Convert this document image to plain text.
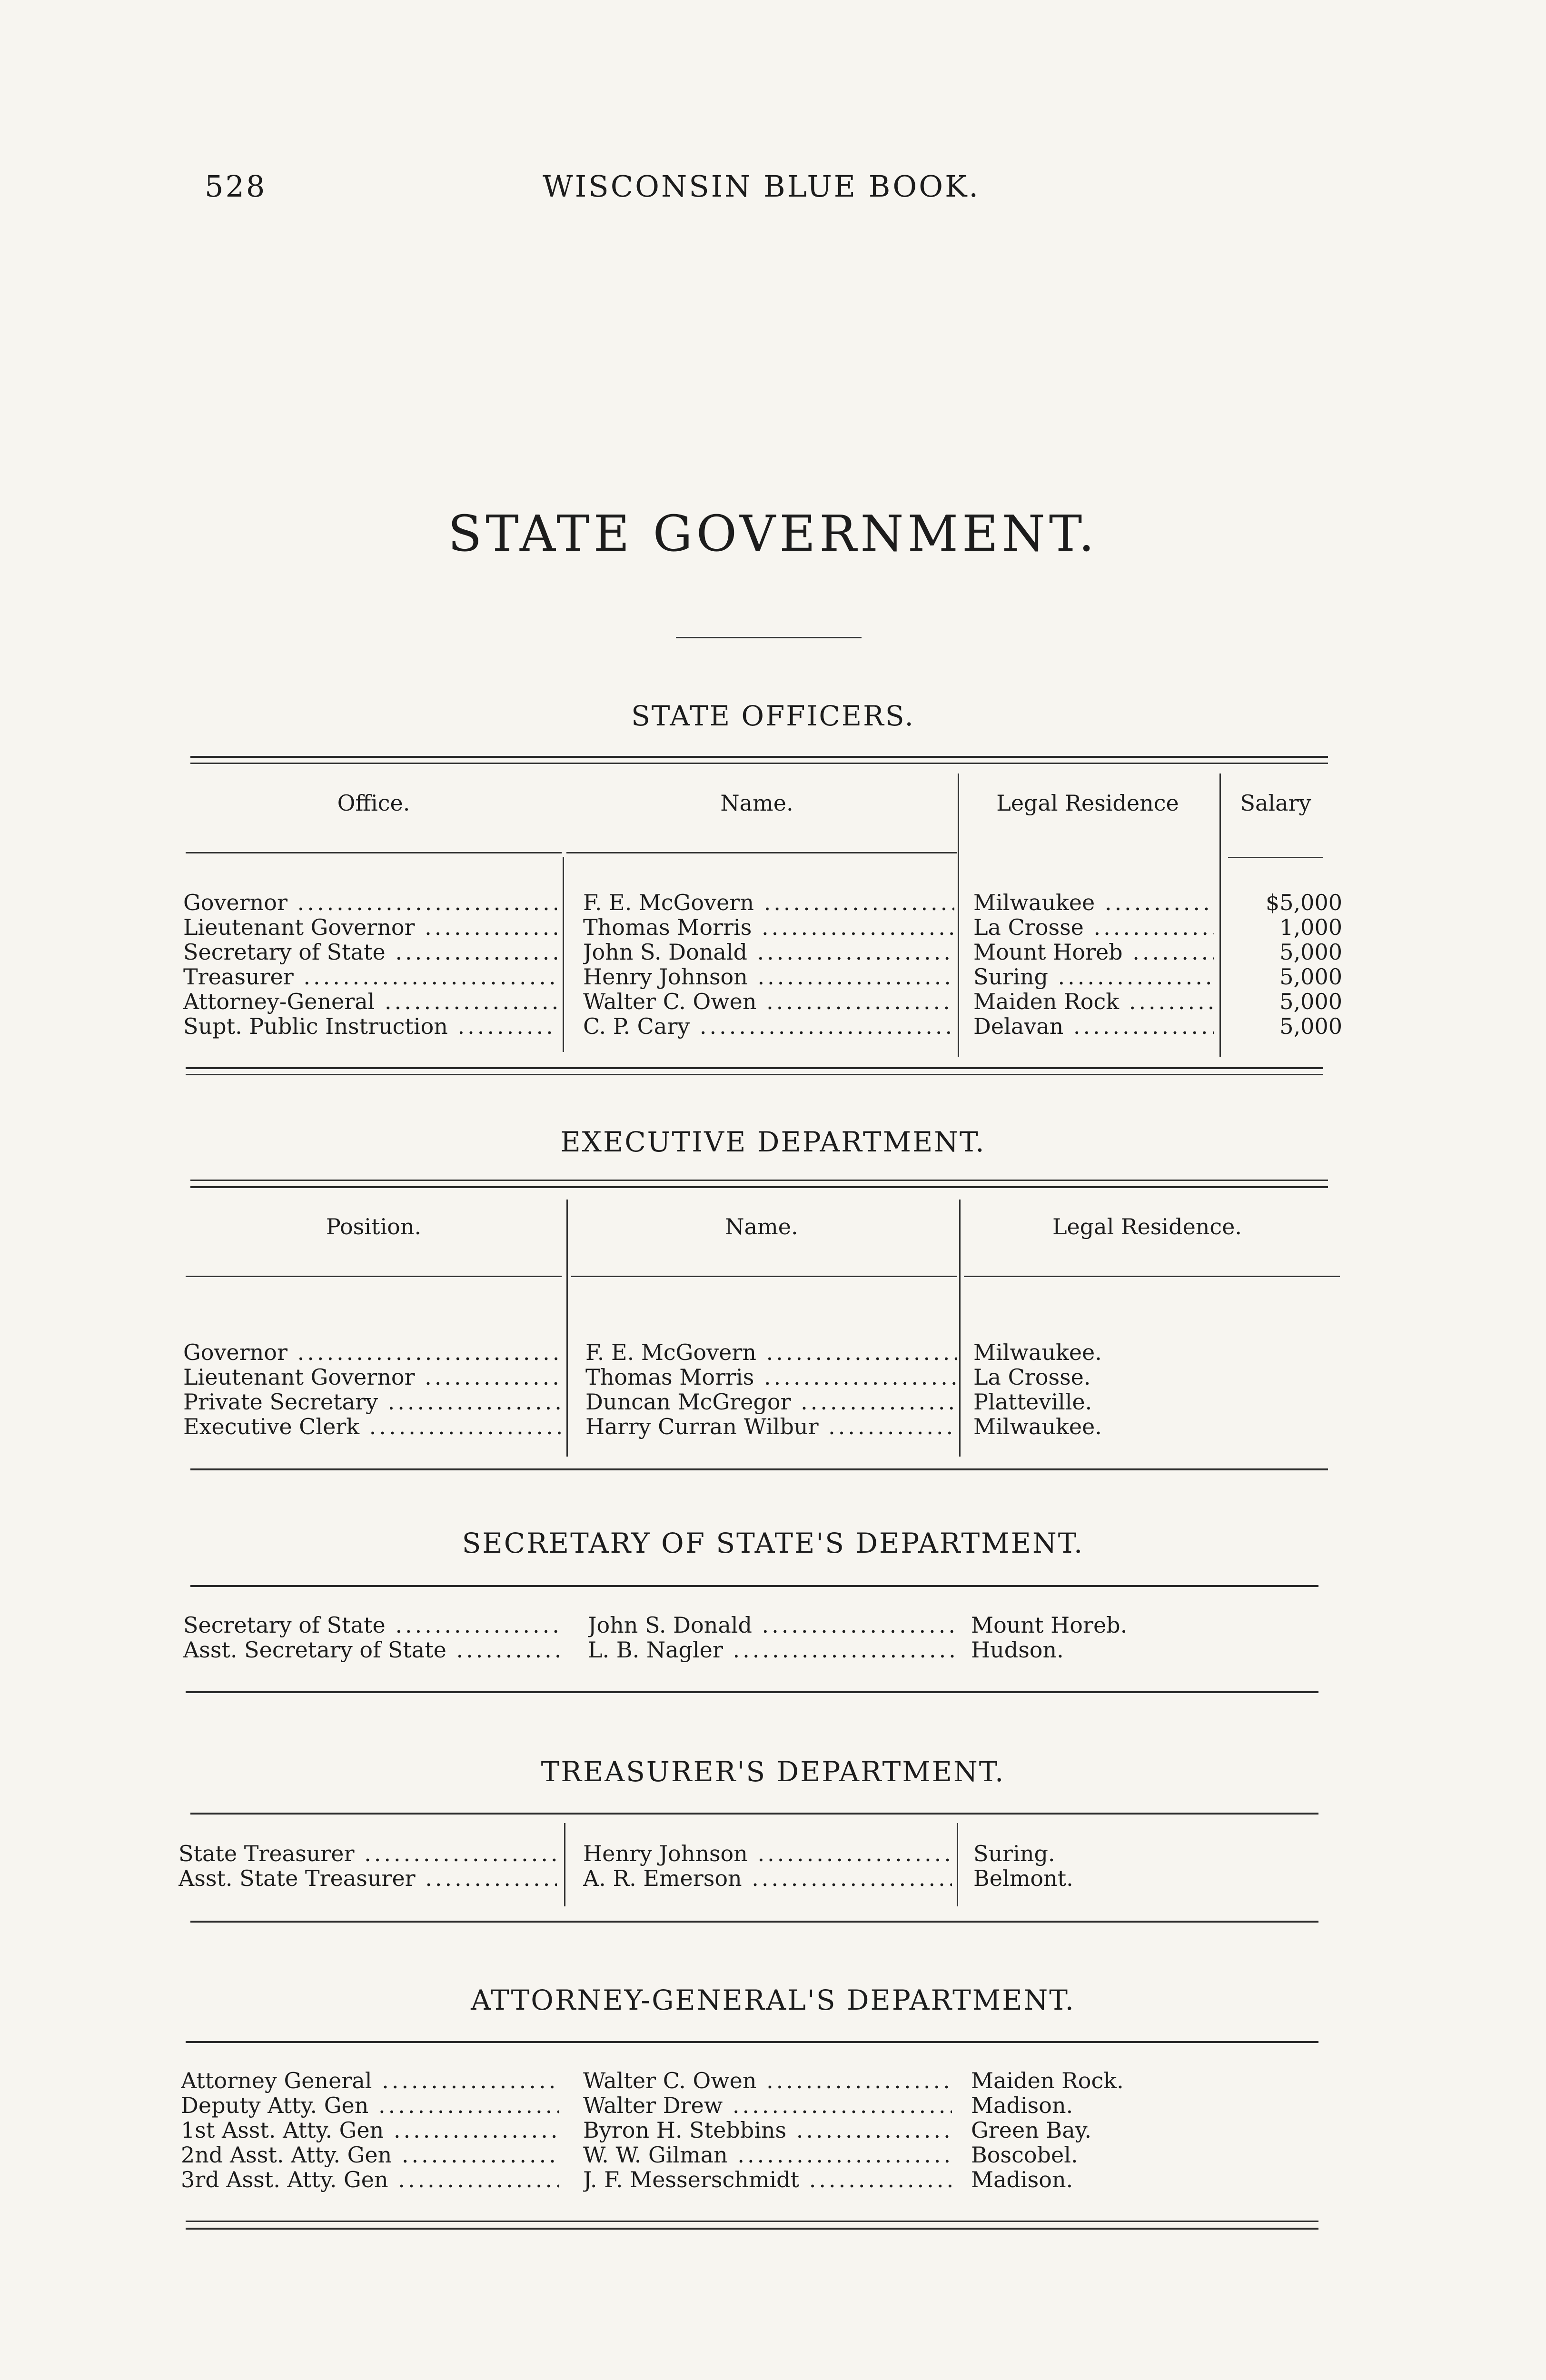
528	WISCONSIN BLUE BOOK.
STATE GOVERNMENT.
STATE OFFICERS.
Office.	Name.	Legal Residence	Salary
Governor .....	F. E. McGovern .....	Milwaukee .....	$5,000
Lieutenant Governor .....	Thomas Morris .....	La Crosse .....	1,000
Secretary of State .....	John S. Donald .....	Mount Horeb .....	5,000
Treasurer .....	Henry Johnson .....	Suring .....	5,000
Attorney-General .....	Walter C. Owen .....	Maiden Rock .....	5,000
Supt. Public Instruction .....	C. P. Cary .....	Delavan .....	5,000
EXECUTIVE DEPARTMENT.
Position.	Name.	Legal Residence.
Governor .....	F. E. McGovern .....	Milwaukee.
Lieutenant Governor .....	Thomas Morris .....	La Crosse.
Private Secretary .....	Duncan McGregor .....	Platteville.
Executive Clerk .....	Harry Curran Wilbur .....	Milwaukee.
SECRETARY OF STATE'S DEPARTMENT.
Secretary of State .....	John S. Donald .....	Mount Horeb.
Asst. Secretary of State .....	L. B. Nagler .....	Hudson.
TREASURER'S DEPARTMENT.
State Treasurer .....	Henry Johnson .....	Suring.
Asst. State Treasurer .....	A. R. Emerson .....	Belmont.
ATTORNEY-GENERAL'S DEPARTMENT.
Attorney General .....	Walter C. Owen .....	Maiden Rock.
Deputy Atty. Gen .....	Walter Drew .....	Madison.
1st Asst. Atty. Gen .....	Byron H. Stebbins .....	Green Bay.
2nd Asst. Atty. Gen .....	W. W. Gilman .....	Boscobel.
3rd Asst. Atty. Gen .....	J. F. Messerschmidt .....	Madison.
